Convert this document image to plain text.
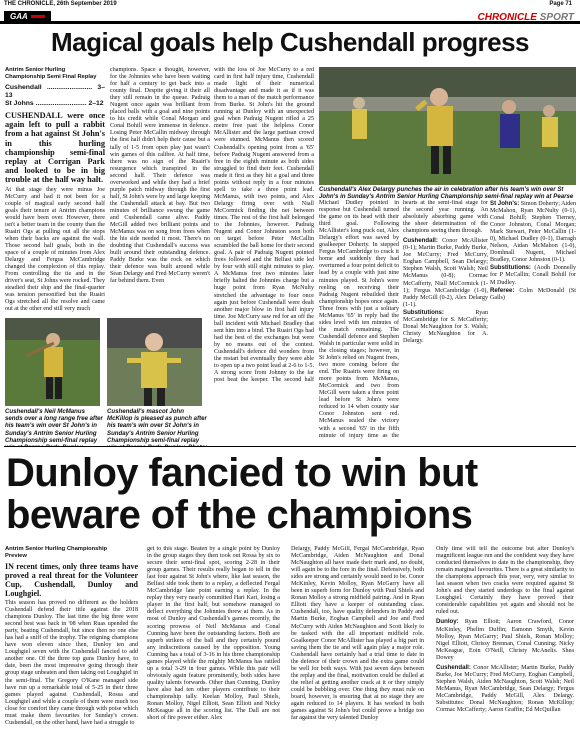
THE CHRONICLE, 26th September 2019	Page 71
GAA	CHRONICLE SPORT
Magical goals help Cushendall progress
Antrim Senior Hurling
Championship Semi Final Replay
Cushendall ........................ 3–13
St Johns ........................... 2–12

CUSHENDALL were once again left to pull a rabbit from a hat against St John's in this hurling championship semi-final replay at Corrigan Park and looked to be in big trouble at the half way halt.

At that stage they were minus Joe McCurry and had it not been for a couple of magical early second half goals their tenure at Antrim champions would have been over. However, there isn't a better team in the county than the Ruairi Ogs at pulling out all the stops when their backs are against the wall. Those second half goals, both in the space of a couple of minutes from Alex Delargy and Fergus McCambridge changed the complexion of this replay. From controlling the tie and in the driver's seat, St Johns were rocked. They steadied their ship and the final-quarter was tension personified but the Ruairi Ogs stretched all the resolve and came out at the other end still very much

champions. Space a thought, however, for the Johnnies who have been waiting for half a century to get back into a county final. Despite giving it their all they still remain in the queue. Padraig Nugent once again was brilliant from placed balls with a goal and nine points to his credit while Conal Morgan and Conal Bohill were immense in defence. Losing Peter McCallin midway through the first half didn't help their cause but a tally of 1-5 from open play just wasn't win games of this calibre. At half time, there was no sign of the Ruairi's resurgence which transpired in the second half. Their defence was overworked and while they had a brief purple patch midway through the first half, St John's were by and large keeping the Cushendall attack at bay. But two minutes of brilliance swung the game and Cushendall came alive. Paddy McGill added two brilliant points and McManus was on song from frees when the his side needed it most. There's no doubting that Cushendall's success was built around their outstanding defence. Paddy Burke was the rock on which their defence was built around while Sean Delargy and Fred McCurry weren't far behind them. Even

with the loss of Joe McCurry to a red card in first half injury time, Cushendall made light of their numerical disadvantage and made it as if it was them to a man of the match performance from Burke. St John's hit the ground running at Dunloy with an unexpected goal when Padraig Nugent rifled a 25 metre free past the helpless Conor McAllister and the large partisan crowd were stunned. McManus then scored Cushendall's opening point from a '65' before Padraig Nugent answered from a free in the eighth minute as both sides struggled to find their feet. Cushendall made it first as they hit a goal and three points without reply in a four minutes spell to take a three point lead. McManus, with two points, and Alex Delargy firing over with Niall McCormick finding the net between times. The rest of the first half belonged to the Johnnies, however. Padraig Nugent and Conor Johnston soon both on target before Peter McCallin scrambled the ball home for their second goal. A pair of Padraig Nugent pointed frees followed and the Belfast side led by four with still eight minutes to play. A McManus free two minutes later briefly halted the Johnnies charge but a huge point from Ryan McNulty stretched the advantage to four once again just before Cushendall were dealt another major blow in first half injury time. Joe McCurry saw red for an off the ball incident with Michael Bradley that sent him into a bind. The Ruairi Ogs had had the best of the exchanges but were by no means out of the contest. Cushendall's defence did wonders from the restart but eventually they were able to open up a two point lead at 2-6 to 1-5. A strong score from Johnny to the far post beat the keeper. The second half

Cushendall's Alex Delargy punches the air in celebration after his team's win over St John's in Sunday's Antrim Senior Hurling Championship semi-final replay win at Pearse

Michael Dudley pointed in response but Cushendall turned the game on its head with their third goal. Following McAllister's long puck out, Alex Delargy's effort was saved by goalkeeper Doherty. In stepped Fergus McCambridge to crack it home and suddenly they had overturned a four point deficit to lead by a couple with just nine minutes played. St John's were reeling on receiving their Padraig Nugent rebuilded their championship hopes once again. Three frees with just a solitary McManus '65' in reply had the sides level with ten minutes of the match remaining. The Cushendall defence and Stephen Walsh in particular were solid in the closing stages; however, in St John's relied on Nugent frees, two more coming before the end. The Ruairis were firing on more points from McManus, McCormick and two from McGill were taken a three point lead before St John's were reduced to 14 when county star Conor Johnston sent red. McManus sealed the victory with a second '65' in the fifth minute of injury time as the

hearts at the semi-final stage for the second year running. An absolutely absorbing game with the sheer determination of the champions seeing them through.

Cushendall: Conor McAllister (0-1); Martin Burke, Paddy Burke, Joe McCurry; Fred McCurry, Eoghan Campbell, Sean Delargy; Stephen Walsh, Scott Walsh; Neil McManus (0-8); Cormac McCafferty, Niall McCormick (1-1); Fergus McCambridge (1-0), Paddy McGill (0-2), Alex Delargy (1-1).

Substitutions:	Ryan McCambridge for S. McCafferty; Donal McNaughton for S. Walsh; Christy McNaughton for A. Delargy.

St John's: Simon Doherty; Aiden McMahon, Ryan McNulty (0-1), Conal Bohill; Stephen Tierney, Conor Johnston, Conal Morgan; Mark Stewart, Peter McCallin (1-0), Michael Dudley (0-1), Darragh Nelson, Aidan McMahon (1-0), Domhnall Nugent, Michael Bradley, Conor Johnston (0-1).

Substitutions: (Aodh Donnelly for P McCallin; Conall Bohill for M Dudley.

Referee: Colm McDonald (St Galls)

Cushendall's Neil McManus sends over a long range free after his team's win over St John's in Sunday's Antrim Senior Hurling Championship semi-final replay
Cushendall's mascot John McKillop is pleased as punch after his team's win over St John's in Sunday's Antrim Senior Hurling Championship semi-final replay
Dunloy fancied to win but
beware of the champions
Antrim Senior Hurling Championship
Preview

IN recent times, only three teams have proved a real threat for the Volunteer Cup, Cushendall, Dunloy and Loughgiel.

This season has proved no different as the holders Cushendall defend their title against the 2018 champions Dunloy. The last time the big three were second best was back in '08 when Ruas upended the party, beating Cushendall, but since then no one else has had a sniff of the trophy. The reigning champions have won eleven since then, Dunloy ten and Loughgiel seven with the Cushendall fancied to add another one. Of the three top guns Dunloy have, to date, been the most impressive going through their group stage unbeaten and then taking out Loughgiel in the semi-final. The Gregory O'Kane managed side have run up a remarkable total of 5-25 in their three games played against Cushendall, Rossa and Loughgiel and while a couple of them were much too close for comfort they came through with poise which must make them favourites for Sunday's crown. Cushendall, on the other hand, have had a struggle to

get to this stage. Beaten by a single point by Dunloy in the group stages they then took out Rossa by six to secure their semi-final spot, scoring 2-28 in their group games. Their results really began to tell in the last four against St John's where, like last season, the Belfast side took them to a replay, a deflected Fergal McCambridge late point earning a replay. In the replay they very nearly committed Hari Kari, losing a player in the first half, but somehow managed to deflect everything the Johnnies threw at them. As in most of Dunloy and Cushendall's games recently, the scoring prowess of Neil McManus and Conal Cunning have been the outstanding factors. Both are superb strikers of the ball and they certainly pound any indiscretions caused by the opposition. Young Cunning has a total of 3-16 in his three championship games played while the mighty McManus has rattled up a total 3-29 in four games. While this pair will obviously again feature prominently, both sides have quality talents forwards. Other than Cunning, Dunloy have also had ten other players contribute to their championship tally. Keelan Molloy, Paul Shiels, Ronan Molloy, Nigel Elliott, Sean Elliott and Nicky McKeague all in the scoring list. The Dall are not short of fire power either. Alex

Delargy, Paddy McGill, Fergal McCambridge, Ryan McCambridge, Aiden McNaughton and Donal McNaughton all have made their mark and, no doubt, will again be to the fore in the final. Defensively, both sides are strong and certainly would need to be. Conor McKinley, Kevin Molloy, Ryan McGarry have all been in superb form for Dunloy with Paul Shiels and Ronan Molloy a strong midfield pairing. And in Ryan Elliott they have a keeper of outstanding class. Cushendall, too, have quality defenders in Paddy and Martin Burke, Eoghan Campbell and Joe and Fred McCurry with Aiden McNaughton and Scott likely to be tasked with the all important midfield role. Goalkeeper Conor McAllister has played a big part in saving them the tie and will again play a major role. Cushendall have certainly had a trial time to date in the defence of their crown and the extra game could be well for both ways. With just seven days between the replay and the final, motivation could be dulled at the relief at getting another crack at it or they simply could be bubbling over. One thing they must rule on board, however, is ensuring that at no stage they are again reduced to 14 players. It has worked in both games against St John's but could prove a bridge too far against the very talented Dunloy

Only time will tell the outcome but after Dunloy's magnificent league run and the confident way they have conducted themselves to date in the championship, they remain marginal favourites. There is a great similarity to the champions approach this year, very, very similar to last season when two cracks were required against St John's and they started underdogs to the final against Loughgiel. Certainly they have proved their considerable capabilities yet again and should not be ruled out.

Dunloy: Ryan Elliott; Aaron Crawford, Conor McKinley, Phelim Duffin; Eamonn Smyth, Kevin Molloy, Ryan McGarry; Paul Shiels, Ronan Molloy; Nigel Elliott, Chrissy Brennan, Conal Cunning; Nicky McKeague, Eoin O'Neill, Christy McAnelis. Shea Dowey

Cushendall: Conor McAllister; Martin Burke, Paddy Burke, Joe McCurry; Fred McCurry, Eoghan Campbell, Stephen Walsh, Aiden McNaughton, Scott Walsh; Neil McManus, Ryan McCambridge, Sean Delargy; Fergus McCambridge, Paddy McGill, Alex Delargy. Substitutes: Donal McNaughton; Ronan McKillop; Cormac McCafferty; Aaron Graffin; Ed McQuillan
